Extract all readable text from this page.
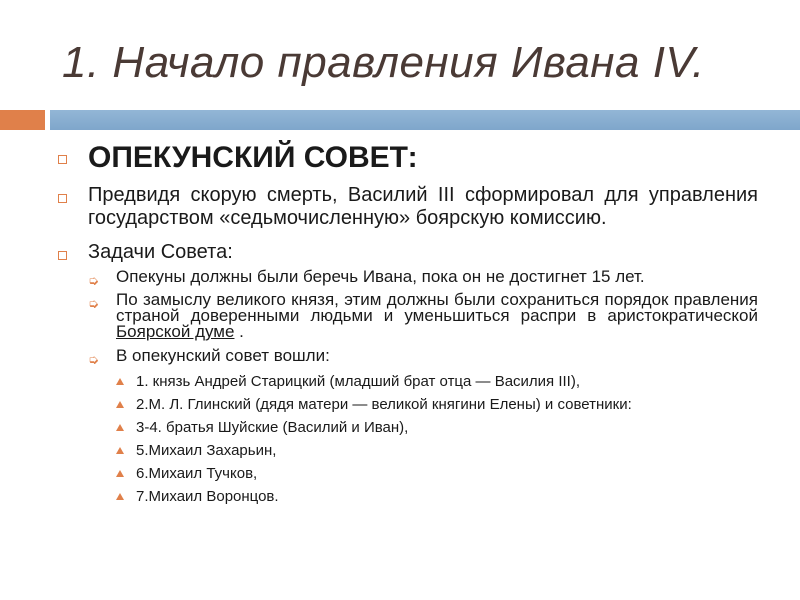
1. Начало правления Ивана IV.
ОПЕКУНСКИЙ СОВЕТ:
Предвидя скорую смерть, Василий III сформировал для управления государством «седьмочисленную» боярскую комиссию.
Задачи Совета:
➭ Опекуны должны были беречь Ивана, пока он не достигнет 15 лет.
➭ По замыслу великого князя, этим должны были сохраниться порядок правления страной доверенными людьми и уменьшиться распри в аристократической Боярской думе .
➭ В опекунский совет вошли:
1. князь Андрей Старицкий (младший брат отца — Василия III),
2.М. Л. Глинский (дядя матери — великой княгини Елены) и советники:
3-4. братья Шуйские (Василий и Иван),
5.Михаил Захарьин,
6.Михаил Тучков,
7.Михаил Воронцов.
